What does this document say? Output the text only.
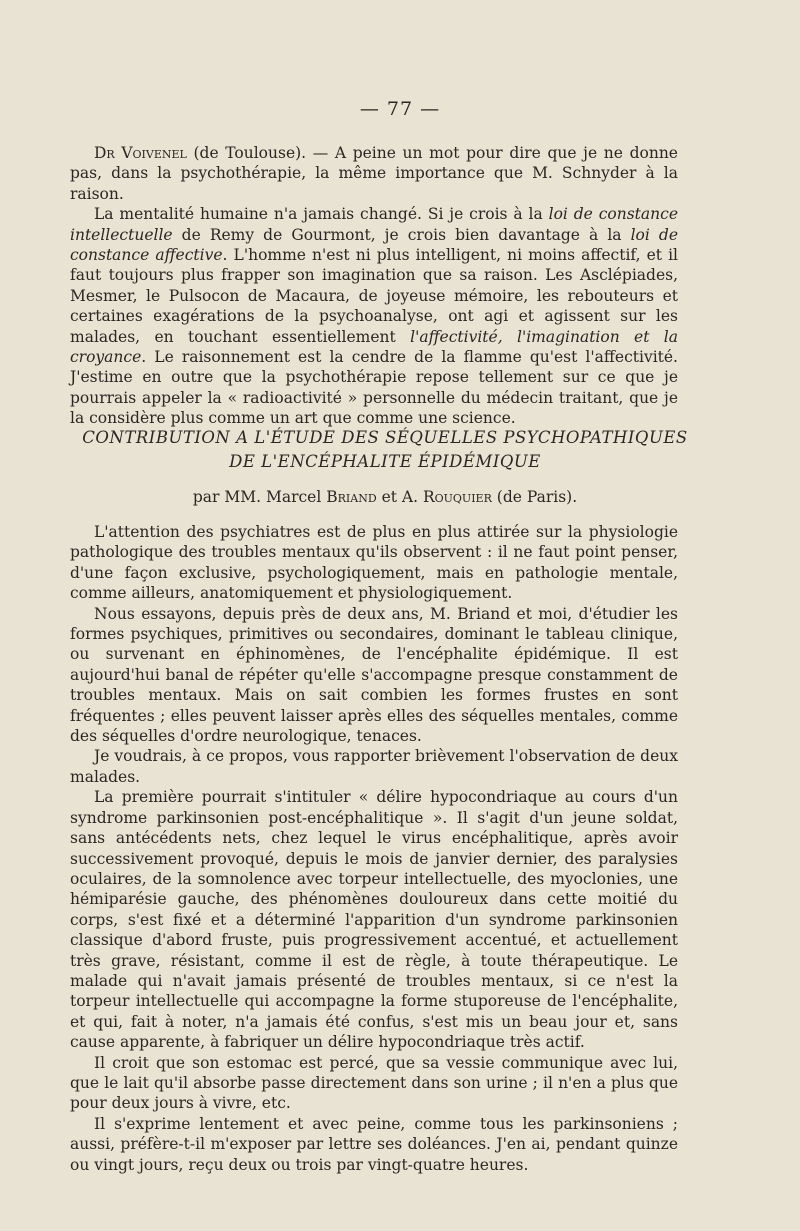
— 77 —

Dr Voivenel (de Toulouse). — A peine un mot pour dire que je ne donne pas, dans la psychothérapie, la même importance que M. Schnyder à la raison.

La mentalité humaine n'a jamais changé. Si je crois à la loi de constance intellectuelle de Remy de Gourmont, je crois bien davantage à la loi de constance affective. L'homme n'est ni plus intelligent, ni moins affectif, et il faut toujours plus frapper son imagination que sa raison. Les Asclépiades, Mesmer, le Pulsocon de Macaura, de joyeuse mémoire, les rebouteurs et certaines exagérations de la psychoanalyse, ont agi et agissent sur les malades, en touchant essentiellement l'affectivité, l'imagination et la croyance. Le raisonnement est la cendre de la flamme qu'est l'affectivité. J'estime en outre que la psychothérapie repose tellement sur ce que je pourrais appeler la « radioactivité » personnelle du médecin traitant, que je la considère plus comme un art que comme une science.

CONTRIBUTION A L'ÉTUDE DES SÉQUELLES PSYCHOPATHIQUES
DE L'ENCÉPHALITE ÉPIDÉMIQUE
par MM. Marcel Briand et A. Rouquier (de Paris).

L'attention des psychiatres est de plus en plus attirée sur la physiologie pathologique des troubles mentaux qu'ils observent : il ne faut point penser, d'une façon exclusive, psychologiquement, mais en pathologie mentale, comme ailleurs, anatomiquement et physiologiquement.

Nous essayons, depuis près de deux ans, M. Briand et moi, d'étudier les formes psychiques, primitives ou secondaires, dominant le tableau clinique, ou survenant en éphinomènes, de l'encéphalite épidémique. Il est aujourd'hui banal de répéter qu'elle s'accompagne presque constamment de troubles mentaux. Mais on sait combien les formes frustes en sont fréquentes ; elles peuvent laisser après elles des séquelles mentales, comme des séquelles d'ordre neurologique, tenaces.

Je voudrais, à ce propos, vous rapporter brièvement l'observation de deux malades.

La première pourrait s'intituler « délire hypocondriaque au cours d'un syndrome parkinsonien post-encéphalitique ». Il s'agit d'un jeune soldat, sans antécédents nets, chez lequel le virus encéphalitique, après avoir successivement provoqué, depuis le mois de janvier dernier, des paralysies oculaires, de la somnolence avec torpeur intellectuelle, des myoclonies, une hémiparésie gauche, des phénomènes douloureux dans cette moitié du corps, s'est fixé et a déterminé l'apparition d'un syndrome parkinsonien classique d'abord fruste, puis progressivement accentué, et actuellement très grave, résistant, comme il est de règle, à toute thérapeutique. Le malade qui n'avait jamais présenté de troubles mentaux, si ce n'est la torpeur intellectuelle qui accompagne la forme stuporeuse de l'encéphalite, et qui, fait à noter, n'a jamais été confus, s'est mis un beau jour et, sans cause apparente, à fabriquer un délire hypocondriaque très actif.

Il croit que son estomac est percé, que sa vessie communique avec lui, que le lait qu'il absorbe passe directement dans son urine ; il n'en a plus que pour deux jours à vivre, etc.

Il s'exprime lentement et avec peine, comme tous les parkinsoniens ; aussi, préfère-t-il m'exposer par lettre ses doléances. J'en ai, pendant quinze ou vingt jours, reçu deux ou trois par vingt-quatre heures.
